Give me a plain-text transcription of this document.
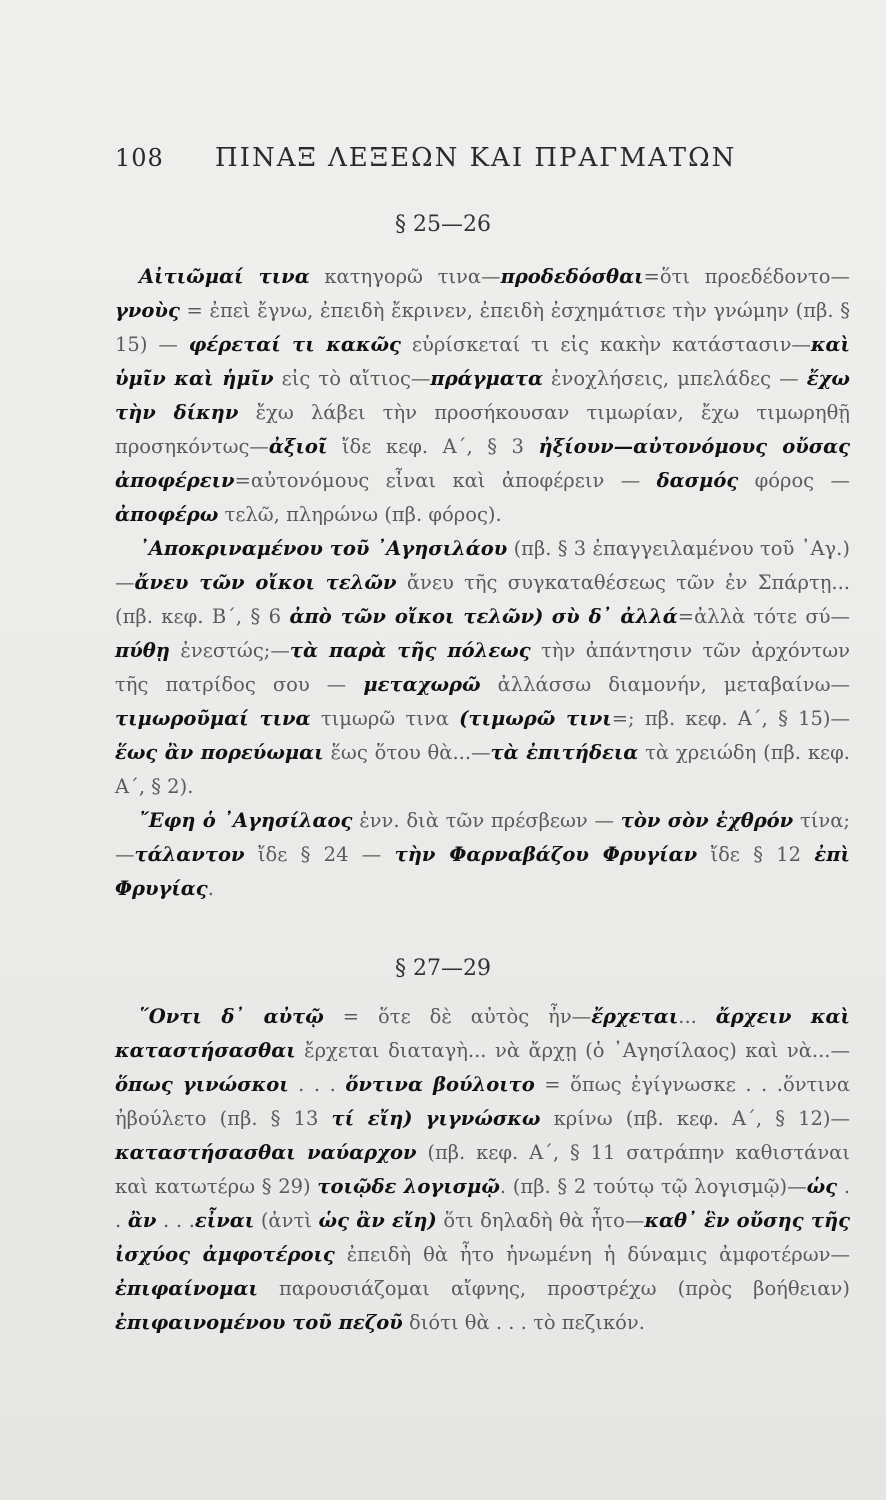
108 ΠΙΝΑΞ ΛΕΞΕΩΝ ΚΑΙ ΠΡΑΓΜΑΤΩΝ
§ 25—26

Αἰτιῶμαί τινα κατηγορῶ τινα—προδεδόσθαι=ὅτι προεδέδοντο— γνοὺς = ἐπεὶ ἔγνω, ἐπειδὴ ἔκρινεν, ἐπειδὴ ἐσχημάτισε τὴν γνώμην (πβ. § 15) — φέρεταί τι κακῶς εὑρίσκεταί τι εἰς κακὴν κατάστασιν—καὶ ὑμῖν καὶ ἡμῖν εἰς τὸ αἴτιος—πράγματα ἐνοχλήσεις, μπελάδες — ἔχω τὴν δίκην ἔχω λάβει τὴν προσήκουσαν τιμωρίαν, ἔχω τιμωρηθῇ προσηκόντως—ἀξιοῖ ἴδε κεφ. Α΄, § 3 ἠξίουν—αὐτονόμους οὔσας ἀποφέρειν=αὐτονόμους εἶναι καὶ ἀποφέρειν — δασμός φόρος — ἀποφέρω τελῶ, πληρώνω (πβ. φόρος).

᾿Αποκριναμένου τοῦ ᾿Αγησιλάου (πβ. § 3 ἐπαγγειλαμένου τοῦ ᾿Αγ.)—ἄνευ τῶν οἴκοι τελῶν ἄνευ τῆς συγκαταθέσεως τῶν ἐν Σπάρτῃ... (πβ. κεφ. Β΄, § 6 ἀπὸ τῶν οἴκοι τελῶν) σὺ δ᾽ ἀλλά=ἀλλὰ τότε σύ—πύθῃ ἐνεστώς;—τὰ παρὰ τῆς πόλεως τὴν ἀπάντησιν τῶν ἀρχόντων τῆς πατρίδος σου — μεταχωρῶ ἀλλάσσω διαμονήν, μεταβαίνω—τιμωροῦμαί τινα τιμωρῶ τινα (τιμωρῶ τινι=; πβ. κεφ. Α΄, § 15)—ἕως ἂν πορεύωμαι ἕως ὅτου θὰ...—τὰ ἐπιτήδεια τὰ χρειώδη (πβ. κεφ. Α΄, § 2).

῎Εφη ὁ ᾿Αγησίλαος ἐνν. διὰ τῶν πρέσβεων — τὸν σὸν ἐχθρόν τίνα;—τάλαντον ἴδε § 24 — τὴν Φαρναβάζου Φρυγίαν ἴδε § 12 ἐπὶ Φρυγίας.

§ 27—29

῞Οντι δ᾽ αὐτῷ = ὅτε δὲ αὐτὸς ἦν—ἔρχεται... ἄρχειν καὶ καταστήσασθαι ἔρχεται διαταγὴ... νὰ ἄρχῃ (ὁ ᾿Αγησίλαος) καὶ νὰ...—ὅπως γινώσκοι . . . ὅντινα βούλοιτο = ὅπως ἐγίγνωσκε . . .ὅντινα ἠβούλετο (πβ. § 13 τί εἴη) γιγνώσκω κρίνω (πβ. κεφ. Α΄, § 12)—καταστήσασθαι ναύαρχον (πβ. κεφ. Α΄, § 11 σατράπην καθιστάναι καὶ κατωτέρω § 29) τοιῷδε λογισμῷ. (πβ. § 2 τούτῳ τῷ λογισμῷ)—ὡς . . ἂν . . .εἶναι (ἀντὶ ὡς ἂν εἴη) ὅτι δηλαδὴ θὰ ἦτο—καθ᾽ ἓν οὔσης τῆς ἰσχύος ἀμφοτέροις ἐπειδὴ θὰ ἦτο ἡνωμένη ἡ δύναμις ἀμφοτέρων—ἐπιφαίνομαι παρουσιάζομαι αἴφνης, προστρέχω (πρὸς βοήθειαν) ἐπιφαινομένου τοῦ πεζοῦ διότι θὰ . . . τὸ πεζικόν.
